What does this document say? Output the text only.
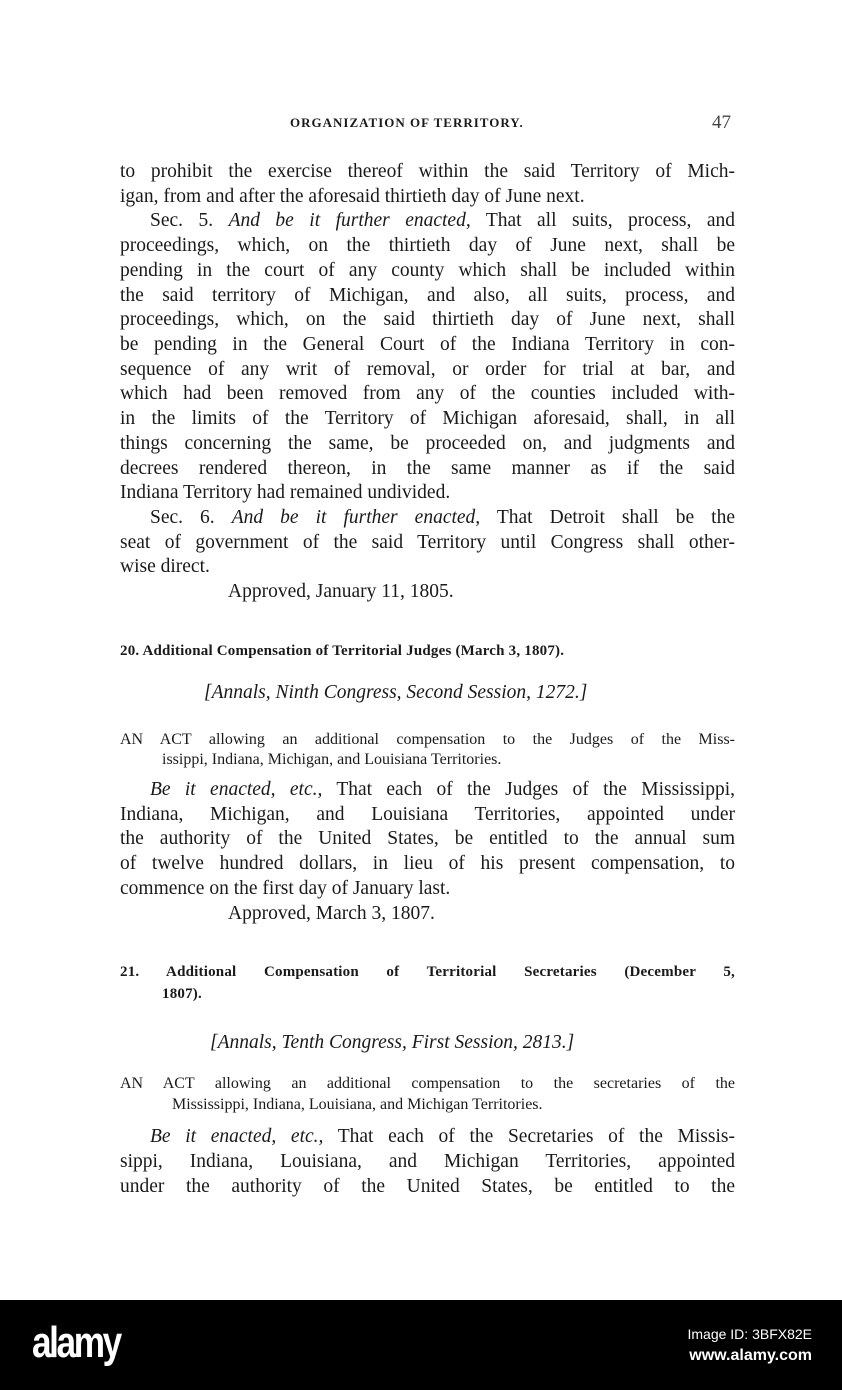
ORGANIZATION OF TERRITORY.	47
to prohibit the exercise thereof within the said Territory of Mich-
igan, from and after the aforesaid thirtieth day of June next.
Sec. 5. And be it further enacted, That all suits, process, and
proceedings, which, on the thirtieth day of June next, shall be
pending in the court of any county which shall be included within
the said territory of Michigan, and also, all suits, process, and
proceedings, which, on the said thirtieth day of June next, shall
be pending in the General Court of the Indiana Territory in con-
sequence of any writ of removal, or order for trial at bar, and
which had been removed from any of the counties included with-
in the limits of the Territory of Michigan aforesaid, shall, in all
things concerning the same, be proceeded on, and judgments and
decrees rendered thereon, in the same manner as if the said
Indiana Territory had remained undivided.
Sec. 6. And be it further enacted, That Detroit shall be the
seat of government of the said Territory until Congress shall other-
wise direct.
Approved, January 11, 1805.
20. Additional Compensation of Territorial Judges (March 3, 1807).
[Annals, Ninth Congress, Second Session, 1272.]
AN ACT allowing an additional compensation to the Judges of the Miss-
issippi, Indiana, Michigan, and Louisiana Territories.
Be it enacted, etc., That each of the Judges of the Mississippi,
Indiana, Michigan, and Louisiana Territories, appointed under
the authority of the United States, be entitled to the annual sum
of twelve hundred dollars, in lieu of his present compensation, to
commence on the first day of January last.
Approved, March 3, 1807.
21. Additional Compensation of Territorial Secretaries (December 5,
1807).
[Annals, Tenth Congress, First Session, 2813.]
AN ACT allowing an additional compensation to the secretaries of the
Mississippi, Indiana, Louisiana, and Michigan Territories.
Be it enacted, etc., That each of the Secretaries of the Missis-
sippi, Indiana, Louisiana, and Michigan Territories, appointed
under the authority of the United States, be entitled to the
alamy	Image ID: 3BFX82E
www.alamy.com
